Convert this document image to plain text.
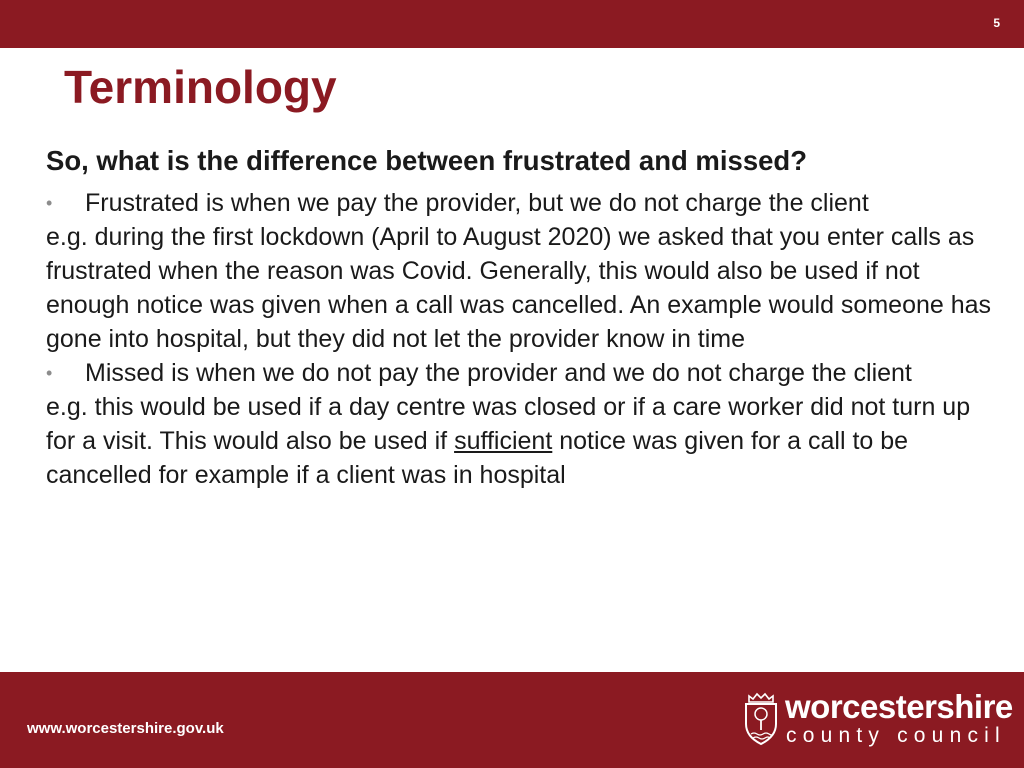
5
Terminology

So, what is the difference between frustrated and missed?

• Frustrated is when we pay the provider, but we do not charge the client

e.g. during the first lockdown (April to August 2020) we asked that you enter calls as frustrated when the reason was Covid. Generally, this would also be used if not enough notice was given when a call was cancelled. An example would someone has gone into hospital, but they did not let the provider know in time

• Missed is when we do not pay the provider and we do not charge the client

e.g. this would be used if a day centre was closed or if a care worker did not turn up for a visit. This would also be used if sufficient notice was given for a call to be cancelled for example if a client was in hospital

www.worcestershire.gov.uk
worcestershire
county council
